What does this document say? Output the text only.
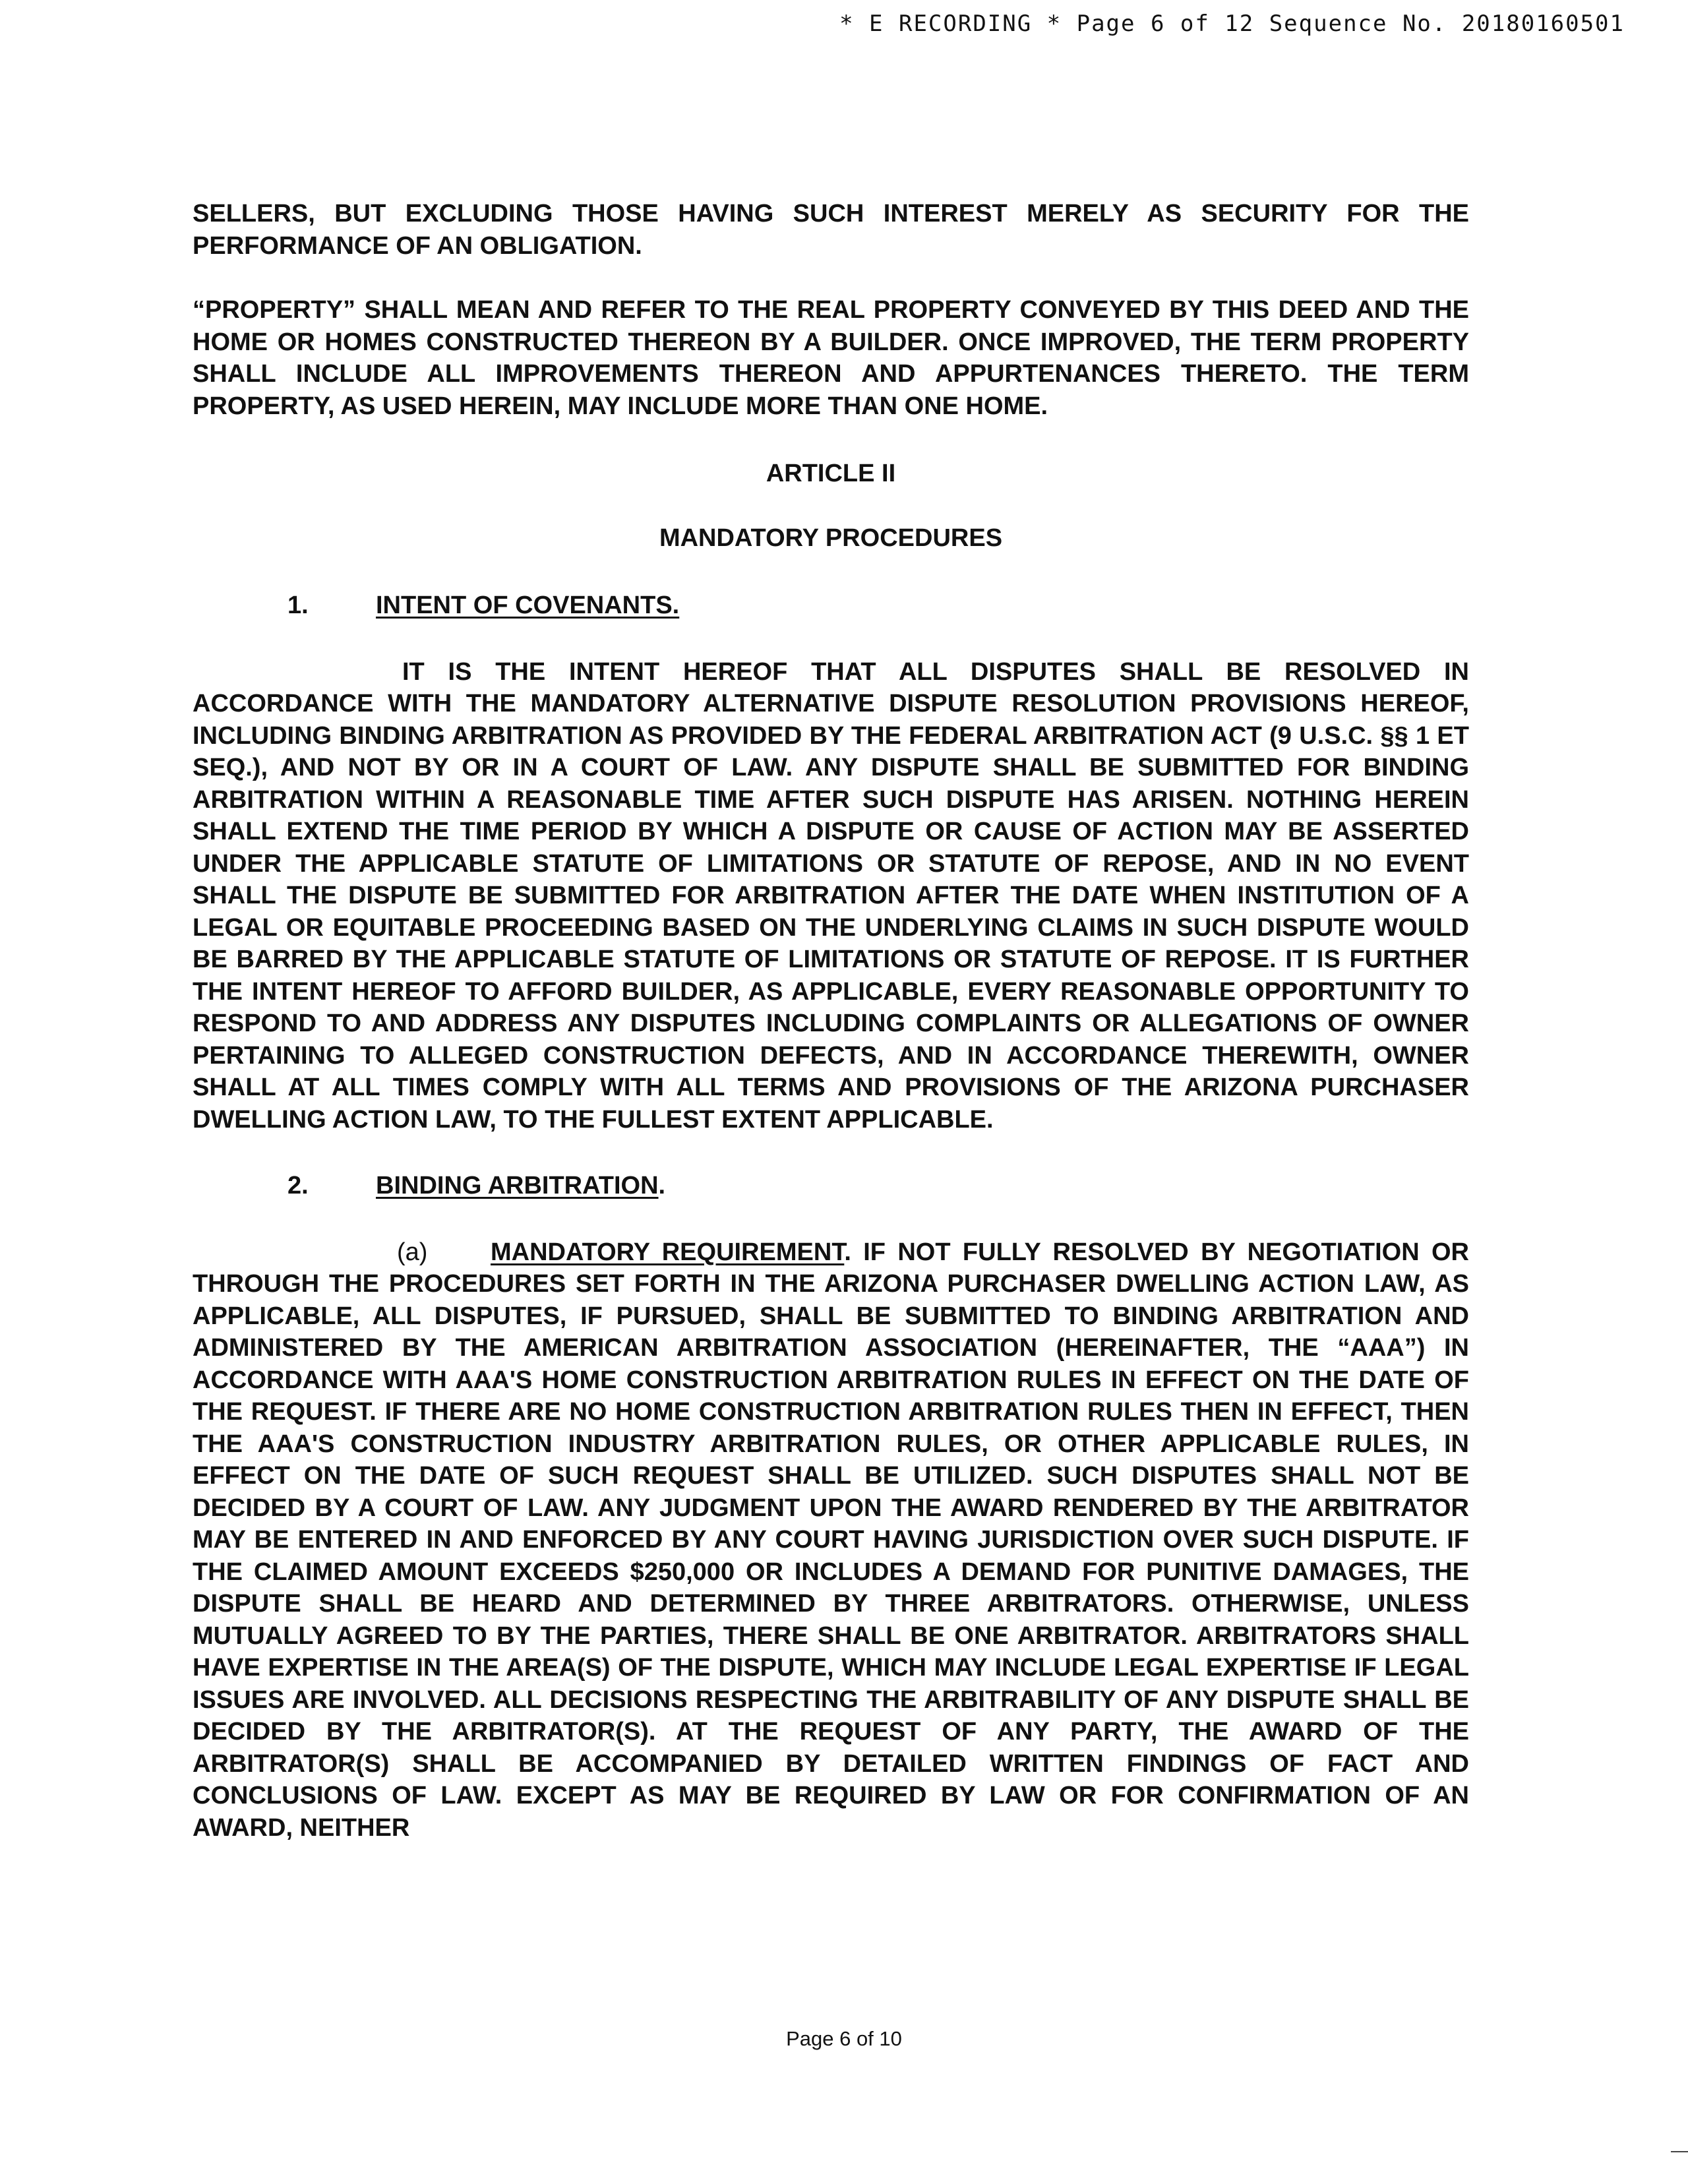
* E RECORDING * Page 6 of 12 Sequence No. 20180160501

SELLERS, BUT EXCLUDING THOSE HAVING SUCH INTEREST MERELY AS SECURITY FOR THE PERFORMANCE OF AN OBLIGATION.

“PROPERTY” SHALL MEAN AND REFER TO THE REAL PROPERTY CONVEYED BY THIS DEED AND THE HOME OR HOMES CONSTRUCTED THEREON BY A BUILDER. ONCE IMPROVED, THE TERM PROPERTY SHALL INCLUDE ALL IMPROVEMENTS THEREON AND APPURTENANCES THERETO. THE TERM PROPERTY, AS USED HEREIN, MAY INCLUDE MORE THAN ONE HOME.

ARTICLE II

MANDATORY PROCEDURES

1.	INTENT OF COVENANTS.

IT IS THE INTENT HEREOF THAT ALL DISPUTES SHALL BE RESOLVED IN ACCORDANCE WITH THE MANDATORY ALTERNATIVE DISPUTE RESOLUTION PROVISIONS HEREOF, INCLUDING BINDING ARBITRATION AS PROVIDED BY THE FEDERAL ARBITRATION ACT (9 U.S.C. §§ 1 ET SEQ.), AND NOT BY OR IN A COURT OF LAW. ANY DISPUTE SHALL BE SUBMITTED FOR BINDING ARBITRATION WITHIN A REASONABLE TIME AFTER SUCH DISPUTE HAS ARISEN. NOTHING HEREIN SHALL EXTEND THE TIME PERIOD BY WHICH A DISPUTE OR CAUSE OF ACTION MAY BE ASSERTED UNDER THE APPLICABLE STATUTE OF LIMITATIONS OR STATUTE OF REPOSE, AND IN NO EVENT SHALL THE DISPUTE BE SUBMITTED FOR ARBITRATION AFTER THE DATE WHEN INSTITUTION OF A LEGAL OR EQUITABLE PROCEEDING BASED ON THE UNDERLYING CLAIMS IN SUCH DISPUTE WOULD BE BARRED BY THE APPLICABLE STATUTE OF LIMITATIONS OR STATUTE OF REPOSE. IT IS FURTHER THE INTENT HEREOF TO AFFORD BUILDER, AS APPLICABLE, EVERY REASONABLE OPPORTUNITY TO RESPOND TO AND ADDRESS ANY DISPUTES INCLUDING COMPLAINTS OR ALLEGATIONS OF OWNER PERTAINING TO ALLEGED CONSTRUCTION DEFECTS, AND IN ACCORDANCE THEREWITH, OWNER SHALL AT ALL TIMES COMPLY WITH ALL TERMS AND PROVISIONS OF THE ARIZONA PURCHASER DWELLING ACTION LAW, TO THE FULLEST EXTENT APPLICABLE.

2.	BINDING ARBITRATION .

(a)	MANDATORY REQUIREMENT. IF NOT FULLY RESOLVED BY NEGOTIATION OR THROUGH THE PROCEDURES SET FORTH IN THE ARIZONA PURCHASER DWELLING ACTION LAW, AS APPLICABLE, ALL DISPUTES, IF PURSUED, SHALL BE SUBMITTED TO BINDING ARBITRATION AND ADMINISTERED BY THE AMERICAN ARBITRATION ASSOCIATION (HEREINAFTER, THE “AAA”) IN ACCORDANCE WITH AAA'S HOME CONSTRUCTION ARBITRATION RULES IN EFFECT ON THE DATE OF THE REQUEST. IF THERE ARE NO HOME CONSTRUCTION ARBITRATION RULES THEN IN EFFECT, THEN THE AAA'S CONSTRUCTION INDUSTRY ARBITRATION RULES, OR OTHER APPLICABLE RULES, IN EFFECT ON THE DATE OF SUCH REQUEST SHALL BE UTILIZED. SUCH DISPUTES SHALL NOT BE DECIDED BY A COURT OF LAW. ANY JUDGMENT UPON THE AWARD RENDERED BY THE ARBITRATOR MAY BE ENTERED IN AND ENFORCED BY ANY COURT HAVING JURISDICTION OVER SUCH DISPUTE. IF THE CLAIMED AMOUNT EXCEEDS $250,000 OR INCLUDES A DEMAND FOR PUNITIVE DAMAGES, THE DISPUTE SHALL BE HEARD AND DETERMINED BY THREE ARBITRATORS. OTHERWISE, UNLESS MUTUALLY AGREED TO BY THE PARTIES, THERE SHALL BE ONE ARBITRATOR. ARBITRATORS SHALL HAVE EXPERTISE IN THE AREA(S) OF THE DISPUTE, WHICH MAY INCLUDE LEGAL EXPERTISE IF LEGAL ISSUES ARE INVOLVED. ALL DECISIONS RESPECTING THE ARBITRABILITY OF ANY DISPUTE SHALL BE DECIDED BY THE ARBITRATOR(S). AT THE REQUEST OF ANY PARTY, THE AWARD OF THE ARBITRATOR(S) SHALL BE ACCOMPANIED BY DETAILED WRITTEN FINDINGS OF FACT AND CONCLUSIONS OF LAW. EXCEPT AS MAY BE REQUIRED BY LAW OR FOR CONFIRMATION OF AN AWARD, NEITHER

Page 6 of 10
